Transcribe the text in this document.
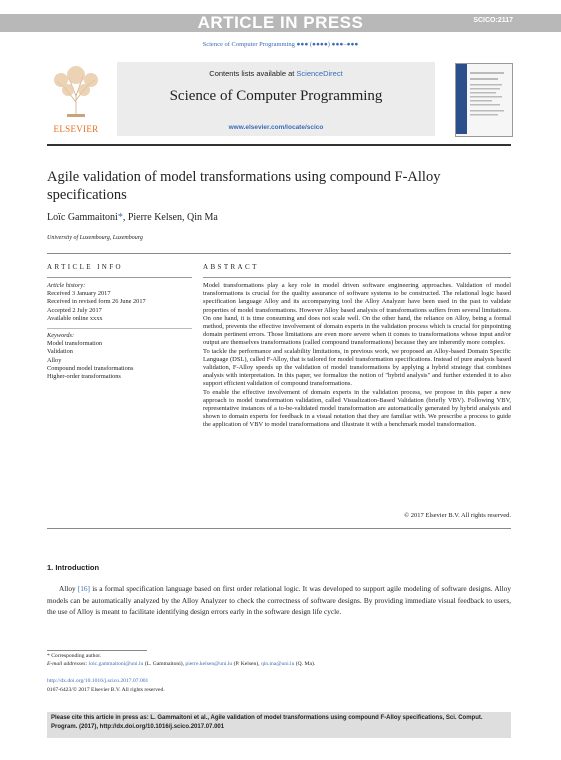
ARTICLE IN PRESS	SCICO:2117
Science of Computer Programming ●●● (●●●●) ●●●–●●●
Contents lists available at ScienceDirect
Science of Computer Programming
www.elsevier.com/locate/scico
ELSEVIER
Agile validation of model transformations using compound F-Alloy specifications
Loïc Gammaitoni*, Pierre Kelsen, Qin Ma
University of Luxembourg, Luxembourg
ARTICLE INFO	ABSTRACT
Article history:
Received 3 January 2017
Received in revised form 26 June 2017
Accepted 2 July 2017
Available online xxxx
Keywords:
Model transformation
Validation
Alloy
Compound model transformations
Higher-order transformations

Model transformations play a key role in model driven software engineering approaches. Validation of model transformations is crucial for the quality assurance of software systems to be constructed. The relational logic based specification language Alloy and its accompanying tool the Alloy Analyzer have been used in the past to validate properties of model transformations. However Alloy based analysis of transformations suffers from several limitations. On one hand, it is time consuming and does not scale well. On the other hand, the reliance on Alloy, being a formal method, prevents the effective involvement of domain experts in the validation process which is crucial for pinpointing domain pertinent errors. Those limitations are even more severe when it comes to transformations whose input and/or output are themselves transformations (called compound transformations) because they are inherently more complex.

To tackle the performance and scalability limitations, in previous work, we proposed an Alloy-based Domain Specific Language (DSL), called F-Alloy, that is tailored for model transformation specifications. Instead of pure analysis based validation, F-Alloy speeds up the validation of model transformations by applying a hybrid strategy that combines analysis with interpretation. In this paper, we formalize the notion of "hybrid analysis" and further extended it to also support efficient validation of compound transformations.

To enable the effective involvement of domain experts in the validation process, we propose in this paper a new approach to model transformation validation, called Visualization-Based Validation (briefly VBV). Following VBV, representative instances of a to-be-validated model transformation are automatically generated by hybrid analysis and shown to domain experts for feedback in a visual notation that they are familiar with. We prescribe a process to guide the application of VBV to model transformations and illustrate it with a benchmark model transformation.

© 2017 Elsevier B.V. All rights reserved.
1. Introduction
Alloy [16] is a formal specification language based on first order relational logic. It was developed to support agile modeling of software designs. Alloy models can be automatically analyzed by the Alloy Analyzer to check the correctness of software designs. By providing immediate visual feedback to users, the use of Alloy is meant to facilitate identifying design errors early in the software design life cycle.
* Corresponding author.
E-mail addresses: loic.gammaitoni@uni.lu (L. Gammaitoni), pierre.kelsen@uni.lu (P. Kelsen), qin.ma@uni.lu (Q. Ma).
http://dx.doi.org/10.1016/j.scico.2017.07.001
0167-6423/© 2017 Elsevier B.V. All rights reserved.
Please cite this article in press as: L. Gammaitoni et al., Agile validation of model transformations using compound F-Alloy specifications, Sci. Comput. Program. (2017), http://dx.doi.org/10.1016/j.scico.2017.07.001
